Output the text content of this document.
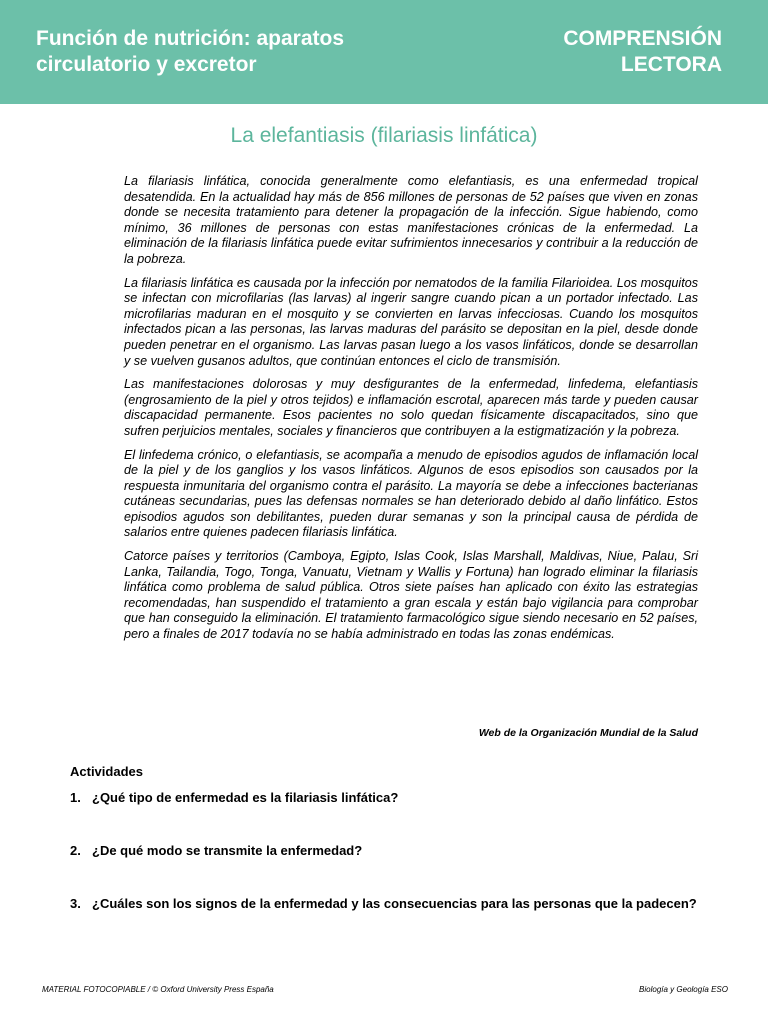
Función de nutrición: aparatos
circulatorio y excretor
COMPRENSIÓN
LECTORA
La elefantiasis (filariasis linfática)

La filariasis linfática, conocida generalmente como elefantiasis, es una enfermedad tropical desatendida. En la actualidad hay más de 856 millones de personas de 52 países que viven en zonas donde se necesita tratamiento para detener la propagación de la infección. Sigue habiendo, como mínimo, 36 millones de personas con estas manifestaciones crónicas de la enfermedad. La eliminación de la filariasis linfática puede evitar sufrimientos innecesarios y contribuir a la reducción de la pobreza.

La filariasis linfática es causada por la infección por nematodos de la familia Filarioidea. Los mosquitos se infectan con microfilarias (las larvas) al ingerir sangre cuando pican a un portador infectado. Las microfilarias maduran en el mosquito y se convierten en larvas infecciosas. Cuando los mosquitos infectados pican a las personas, las larvas maduras del parásito se depositan en la piel, desde donde pueden penetrar en el organismo. Las larvas pasan luego a los vasos linfáticos, donde se desarrollan y se vuelven gusanos adultos, que continúan entonces el ciclo de transmisión.

Las manifestaciones dolorosas y muy desfigurantes de la enfermedad, linfedema, elefantiasis (engrosamiento de la piel y otros tejidos) e inflamación escrotal, aparecen más tarde y pueden causar discapacidad permanente. Esos pacientes no solo quedan físicamente discapacitados, sino que sufren perjuicios mentales, sociales y financieros que contribuyen a la estigmatización y la pobreza.

El linfedema crónico, o elefantiasis, se acompaña a menudo de episodios agudos de inflamación local de la piel y de los ganglios y los vasos linfáticos. Algunos de esos episodios son causados por la respuesta inmunitaria del organismo contra el parásito. La mayoría se debe a infecciones bacterianas cutáneas secundarias, pues las defensas normales se han deteriorado debido al daño linfático. Estos episodios agudos son debilitantes, pueden durar semanas y son la principal causa de pérdida de salarios entre quienes padecen filariasis linfática.

Catorce países y territorios (Camboya, Egipto, Islas Cook, Islas Marshall, Maldivas, Niue, Palau, Sri Lanka, Tailandia, Togo, Tonga, Vanuatu, Vietnam y Wallis y Fortuna) han logrado eliminar la filariasis linfática como problema de salud pública. Otros siete países han aplicado con éxito las estrategias recomendadas, han suspendido el tratamiento a gran escala y están bajo vigilancia para comprobar que han conseguido la eliminación. El tratamiento farmacológico sigue siendo necesario en 52 países, pero a finales de 2017 todavía no se había administrado en todas las zonas endémicas.

Web de la Organización Mundial de la Salud
Actividades
1. ¿Qué tipo de enfermedad es la filariasis linfática?
2. ¿De qué modo se transmite la enfermedad?
3. ¿Cuáles son los signos de la enfermedad y las consecuencias para las personas que la padecen?
MATERIAL FOTOCOPIABLE / © Oxford University Press España	Biología y Geología ESO
